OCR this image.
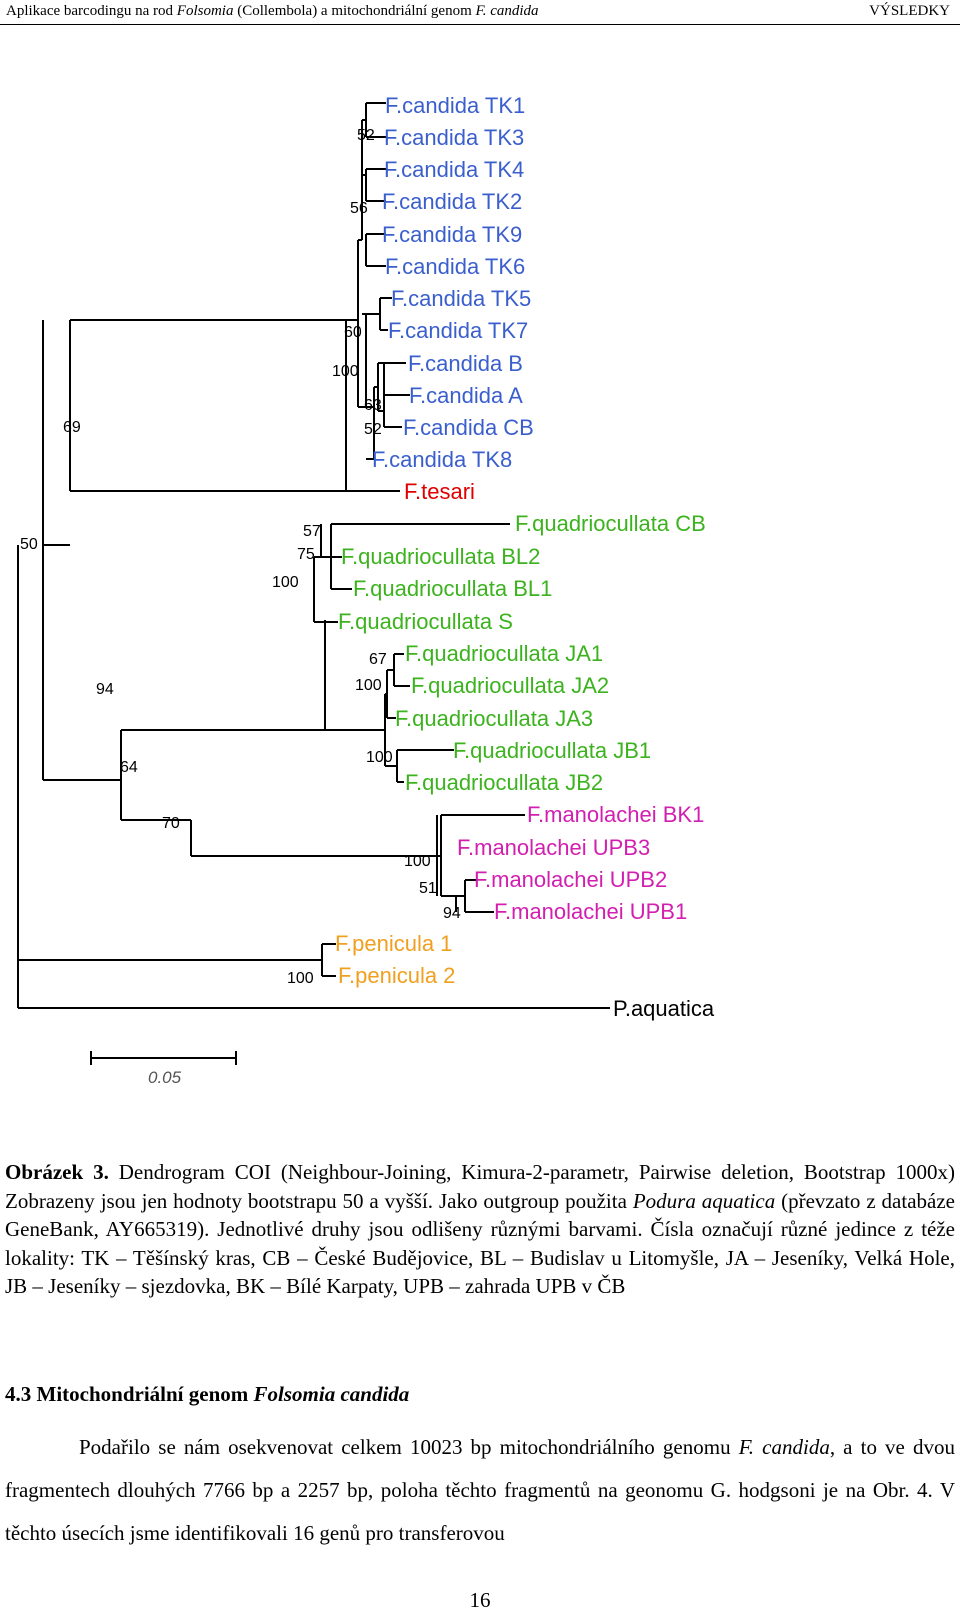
Aplikace barcodingu na rod Folsomia (Collembola) a mitochondriální genom F. candida	VÝSLEDKY
F.candida TK1
F.candida TK3
F.candida TK4
F.candida TK2
F.candida TK9
F.candida TK6
F.candida TK5
F.candida TK7
F.candida B
F.candida A
F.candida CB
F.candida TK8
F.tesari
F.quadriocullata CB
F.quadriocullata BL2
F.quadriocullata BL1
F.quadriocullata S
F.quadriocullata JA1
F.quadriocullata JA2
F.quadriocullata JA3
F.quadriocullata JB1
F.quadriocullata JB2
F.manolachei BK1
F.manolachei UPB3
F.manolachei UPB2
F.manolachei UPB1
F.penicula 1
F.penicula 2
P.aquatica
52
56
60
100
63
52
69
57
75
100
50
67
100
94
100
64
70
100
51
94
100
0.05
Obrázek 3. Dendrogram COI (Neighbour-Joining, Kimura-2-parametr, Pairwise deletion, Bootstrap 1000x) Zobrazeny jsou jen hodnoty bootstrapu 50 a vyšší. Jako outgroup použita Podura aquatica (převzato z databáze GeneBank, AY665319). Jednotlivé druhy jsou odlišeny různými barvami. Čísla označují různé jedince z téže lokality: TK – Těšínský kras, CB – České Budějovice, BL – Budislav u Litomyšle, JA – Jeseníky, Velká Hole, JB – Jeseníky – sjezdovka, BK – Bílé Karpaty, UPB – zahrada UPB v ČB
4.3 Mitochondriální genom Folsomia candida
Podařilo se nám osekvenovat celkem 10023 bp mitochondriálního genomu F. candida, a to ve dvou fragmentech dlouhých 7766 bp a 2257 bp, poloha těchto fragmentů na geonomu G. hodgsoni je na Obr. 4. V těchto úsecích jsme identifikovali 16 genů pro transferovou
16
